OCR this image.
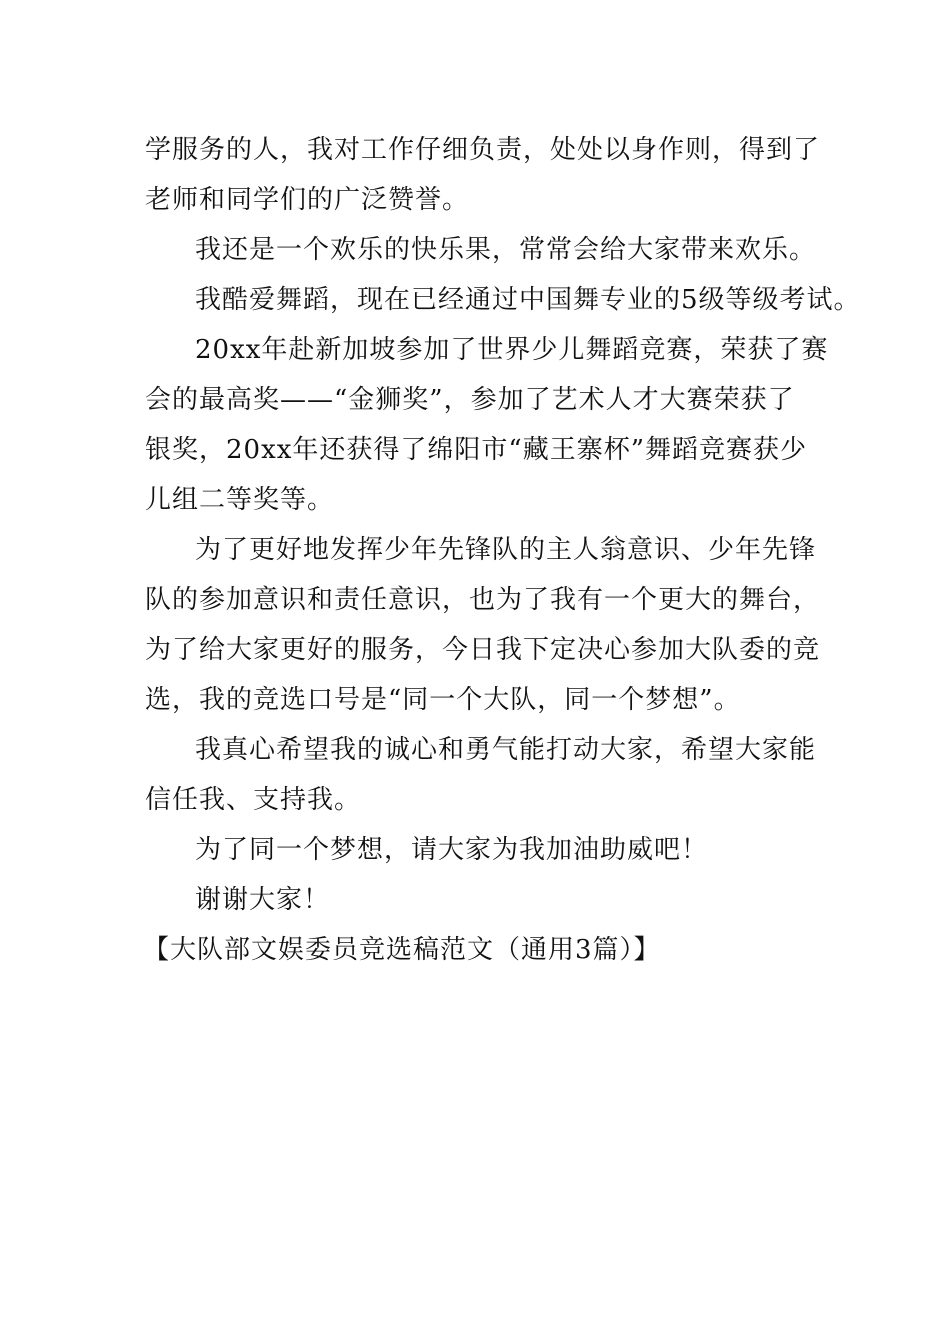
学服务的人，我对工作仔细负责，处处以身作则，得到了
老师和同学们的广泛赞誉。
我还是一个欢乐的快乐果，常常会给大家带来欢乐。
我酷爱舞蹈，现在已经通过中国舞专业的5级等级考试。
20xx年赴新加坡参加了世界少儿舞蹈竞赛，荣获了赛
会的最高奖——“金狮奖”，参加了艺术人才大赛荣获了
银奖，20xx年还获得了绵阳市“藏王寨杯”舞蹈竞赛获少
儿组二等奖等。
为了更好地发挥少年先锋队的主人翁意识、少年先锋
队的参加意识和责任意识，也为了我有一个更大的舞台，
为了给大家更好的服务，今日我下定决心参加大队委的竞
选，我的竞选口号是“同一个大队，同一个梦想”。
我真心希望我的诚心和勇气能打动大家，希望大家能
信任我、支持我。
为了同一个梦想，请大家为我加油助威吧！
谢谢大家！
【大队部文娱委员竞选稿范文（通用3篇）】
